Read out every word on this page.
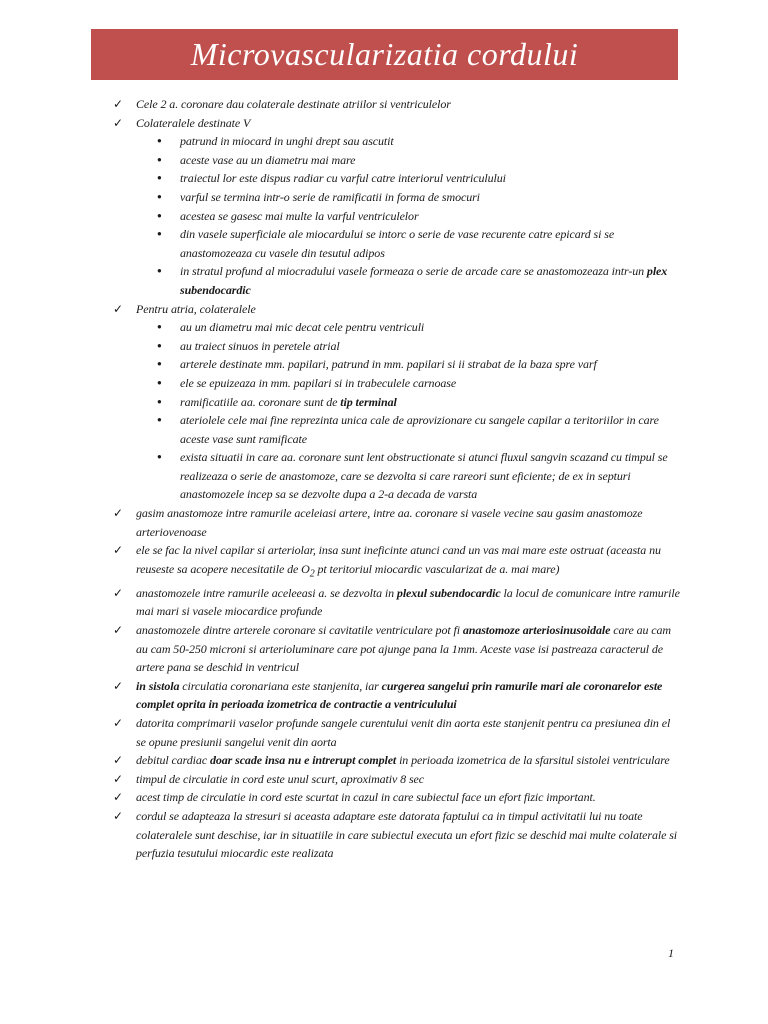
Microvascularizatia cordului
✓ Cele 2 a. coronare dau colaterale destinate atriilor si ventriculelor
✓ Colateralele destinate V
● patrund in miocard in unghi drept sau ascutit
● aceste vase au un diametru mai mare
● traiectul lor este dispus radiar cu varful catre interiorul ventriculului
● varful se termina intr-o serie de ramificatii in forma de smocuri
● acestea se gasesc mai multe la varful ventriculelor
● din vasele superficiale ale miocardului se intorc o serie de vase recurente catre epicard si se anastomozeaza cu vasele din tesutul adipos
● in stratul profund al miocradului vasele formeaza o serie de arcade care se anastomozeaza intr-un plex subendocardic
✓ Pentru atria, colateralele
● au un diametru mai mic decat cele pentru ventriculi
● au traiect sinuos in peretele atrial
● arterele destinate mm. papilari, patrund in mm. papilari si ii strabat de la baza spre varf
● ele se epuizeaza in mm. papilari si in trabeculele carnoase
● ramificatiile aa. coronare sunt de tip terminal
● ateriolele cele mai fine reprezinta unica cale de aprovizionare cu sangele capilar a teritoriilor in care aceste vase sunt ramificate
● exista situatii in care aa. coronare sunt lent obstructionate si atunci fluxul sangvin scazand cu timpul se realizeaza o serie de anastomoze, care se dezvolta si care rareori sunt eficiente; de ex in septuri anastomozele incep sa se dezvolte dupa a 2-a decada de varsta
✓ gasim anastomoze intre ramurile aceleiasi artere, intre aa. coronare si vasele vecine sau gasim anastomoze arteriovenoase
✓ ele se fac la nivel capilar si arteriolar, insa sunt ineficinte atunci cand un vas mai mare este ostruat (aceasta nu reuseste sa acopere necesitatile de $O_2$ pt teritoriul miocardic vascularizat de a. mai mare)
✓ anastomozele intre ramurile aceleeasi a. se dezvolta in plexul subendocardic la locul de comunicare intre ramurile mai mari si vasele miocardice profunde
✓ anastomozele dintre arterele coronare si cavitatile ventriculare pot fi anastomoze arteriosinusoidale care au cam au cam 50-250 microni si arterioluminare care pot ajunge pana la 1mm. Aceste vase isi pastreaza caracterul de artere pana se deschid in ventricul
✓ in sistola circulatia coronariana este stanjenita, iar curgerea sangelui prin ramurile mari ale coronarelor este complet oprita in perioada izometrica de contractie a ventriculului
✓ datorita comprimarii vaselor profunde sangele curentului venit din aorta este stanjenit pentru ca presiunea din el se opune presiunii sangelui venit din aorta
✓ debitul cardiac doar scade insa nu e intrerupt complet in perioada izometrica de la sfarsitul sistolei ventriculare
✓ timpul de circulatie in cord este unul scurt, aproximativ 8 sec
✓ acest timp de circulatie in cord este scurtat in cazul in care subiectul face un efort fizic important.
✓ cordul se adapteaza la stresuri si aceasta adaptare este datorata faptului ca in timpul activitatii lui nu toate colateralele sunt deschise, iar in situatiile in care subiectul executa un efort fizic se deschid mai multe colaterale si perfuzia tesutului miocardic este realizata
1
